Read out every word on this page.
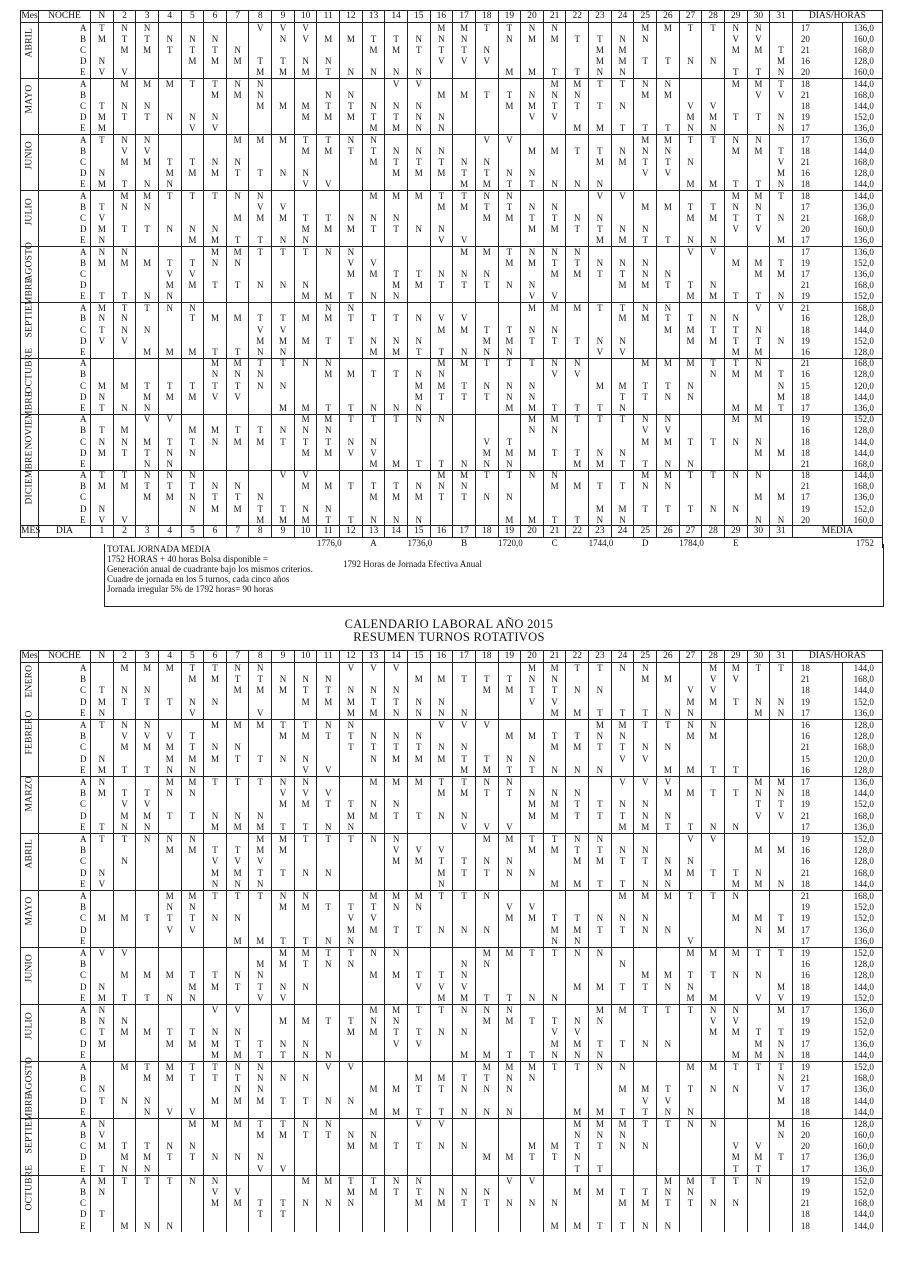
Mes	NOCHE	N	2	3	4	5	6	7	8	9	10	11	12	13	14	15	16	17	18	19	20	21	22	23	24	25	26	27	28	29	30	31	DIAS/HORAS	

ABRIL	A	T	N	N					V	V	V						M	M	T	T	N	N				M	M	T	T	N	N		17	136,0
	B	M	T	T	N	N	N			N	V	M	M	T	T	N	N	N		N	M	M	T	T	N	N				V	V		20	160,0
	C		M	M	T	T	T	N						M	M	T	T	T	N					M	M					M	M	T	21	168,0
	D	N				M	M	M	T	T	N	N					V	V	V					M	M	T	T	N	N			M	16	128,0
	E	V	V						M	M	M	T	N	N	N	N				M	M	T	T	N	N					T	T	N	20	160,0

MAYO	A		M	M	M	T	T	N	N						V	V						M	M	T	T	N	N			M	M	T	18	144,0
	B						M	M	N			N	N				M	M	T	T	N	N	N			M	M				V	V	21	168,0
	C	T	N	N					M	M	M	T	T	N	N	N				M	M	T	T	T	N			V	V				18	144,0
	D	M	T	T	N	N	N				M	M	M	T	T	N	N				V	V						M	M	T	T	N	19	152,0
	E	M				V	V							M	M	N	N						M	M	T	T	T	N	N			N	17	136,0

JUNIO	A	T	N	N				M	M	M	T	T	N	N					V	V						M	M	T	T	N	N		17	136,0
	B		V	V							M	M	T	T	N	N	N				M	M	T	T	N	N	N			M	M	T	18	144,0
	C		M	M	T	T	N	N						M	T	T	T	N	N					M	M	T	T	N				V	21	168,0
	D	N			M	M	M	T	T	N	N				M	M	M	T	T	N	N					V	V					M	16	128,0
	E	M	T	N	N						V	V						M	M	T	T	N	N	N				M	M	T	T	N	18	144,0

JULIO	A		M	M	T	T	T	N	N					M	M	M	T	T	N	N				V	V					M	M	T	18	144,0
	B	T	N	N					V	V							M	M	T	T	N	N				M	M	T	T	N	N		17	136,0
	C	V						M	M	M	T	T	N	N	N				M	M	T	T	N	N				M	M	T	T	N	21	168,0
	D	M	T	T	N	N	N				M	M	M	T	T	N	N				M	M	T	T	N	N				V	V		20	160,0
	E	N				M	M	T	T	N	N						V	V						M	M	T	T	N	N			M	17	136,0

AGOSTO	A	N	N				M	M	T	T	T	N	N					M	M	T	N	N	N					V	V				17	136,0
	B	M	M	M	T	T	N	N					V	V						M	M	T	T	N	N	N				M	M	T	19	152,0
	C				V	V							M	M	T	T	N	N	N			M	M	T	T	N	N				M	M	17	136,0
	D				M	M	T	T	N	N	N				M	M	T	T	T	N	N				M	M	T	T	N				21	168,0
	E	T	T	N	N						M	M	T	N	N						V	V						M	M	T	T	N	19	152,0

SEPTIEMBRE	A	M	T	T	N	N						N	N								M	M	M	T	T	N	N				V	V	21	168,0
	B	N	N			T	M	M	T	T	M	M	T	T	T	N	V	V							M	M	T	T	N	N			16	128,0
	C	T	N	N					V	V							M	M	T	T	N	N					M	M	T	T	N		18	144,0
	D	V	V						M	M	M	T	T	N	N	N			M	M	T	T	T	N	N			M	M	T	T	N	19	152,0
	E			M	M	M	T	T	N	N				M	M	T	T	N	N	N				V	V					M	M		16	128,0

OCTUBRE	A						M	M	T	T	N	N					M	M	T	T	T	N	N			M	M	M	T	T	N		21	168,0
	B						N	N	N			M	M	T	T	N	N					V	V						N	M	M	T	16	128,0
	C	M	M	T	T	T	T	T	N	N						M	M	T	N	N	N			M	M	T	T	N				N	15	120,0
	D	N		M	M	M	V	V								M	T	T	T	N	N				T	T	N	N				M	18	144,0
	E	T	N	N						M	M	T	T	N	N	N				M	M	T	T	T	N					M	M	T	17	136,0

NOVIEMBRE	A			V	V						M	M	T	T	T	N	N				M	M	T	T	T	N	N			M	M		19	152,0
	B	T	M			M	M	T	T	N	N	N									N	N				V	V						16	128,0
	C	N	N	M	T	T	N	M	M	T	T	T	N	N					V	T						M	M	T	T	N	N		18	144,0
	D	M	T	T	N	N					M	M	V	V					M	M	M	T	T	N	N						M	M	18	144,0
	E			N	N									M	M	T	T	N	N	N			M	M	T	T	N	N					21	168,0

DICIEMBRE	A	T	T	N	N	N				V	V						M	M	T	T	N	N				M	M	T	T	N	N		18	144,0
	B	M	M	T	T	T	N	N			M	M	T	T	T	N	N	N				M	M	T	T	N	N						21	168,0
	C			M	M	N	T	T	N					M	M	M	T	T	N	N											M	M	17	136,0
	D	N				N	M	M	T	T	N	N												M	M	T	T	T	N	N			19	152,0
	E	V	V						M	M	M	T	T	N	N	N				M	M	T	T	N	N						N	N	20	160,0
MES	DIA	1	2	3	4	5	6	7	8	9	10	11	12	13	14	15	16	17	18	19	20	21	22	23	24	25	26	27	28	29	30	31	MEDIA	
												1776,0		A		1736,0		B		1720,0		C		1744,0		D		1784,0		E			1752	
TOTAL JORNADA MEDIA
1752 HORAS + 40 horas Bolsa disponible =	1792 Horas de Jornada Efectiva Anual
Generación anual de cuadrante bajo los mismos criterios.
Cuadre de jornada en los 5 turnos, cada cinco años
Jornada irregular 5% de 1792 horas= 90 horas
CALENDARIO LABORAL AÑO 2015
RESUMEN TURNOS ROTATIVOS
Mes	NOCHE	N	2	3	4	5	6	7	8	9	10	11	12	13	14	15	16	17	18	19	20	21	22	23	24	25	26	27	28	29	30	31	DIAS/HORAS	

ENERO	A		M	M	M	T	T	N	N				V	V	V						M	M	T	T	N	N			M	M	T	T	18	144,0
	B					M	M	T	T	N	N	N				M	M	T	T	T	N	N				M	M		V	V			21	168,0
	C	T	N	N				M	M	M	T	T	N	N	N				M	M	T	T	N	N				V	V				18	144,0
	D	M	T	T	T	N	N				M	M	M	T	T	N	N				V	V						M	M	T	N	N	19	152,0
	E	N				V			V				M	M	N	N	N	N				M	M	T	T	T	N	N			M	N	17	136,0

FEBRERO	A	T	N	N			M	M	M	T	T	N	N				V	V	V					M	M	T	T	N	N				16	128,0
	B		V	V	V	T				M	M	T	T	N	N	N				M	M	T	T	N	N			M	M				16	128,0
	C		M	M	M	T	N	N					T	T	T	T	N	N				M	M	T	T	N	N						21	168,0
	D	N			M	M	M	T	T	N	N			N	M	M	M	T	T	N	N				V	V							15	120,0
	E	M	T	T	N	N					V	V						M	M	T	T	N	N	N			M	M	T	T			16	128,0

MARZO	A	N			M	M	T	T	T	N	N			M	M	M	T	T	N	N					V	V	V				M	M	17	136,0
	B	M	T	T	N	N				V	V	V					M	M	T	T	N	N	N				M	M	T	T	N	N	18	144,0
	C		V	V						M	M	T	T	N	N						M	M	T	T	N	N					T	T	19	152,0
	D		M	M	T	T	N	N	N				M	M	T	T	N	N			M	M	T	T	T	N	N				V	V	21	168,0
	E	T	N	N			M	M	M	T	T	N	N					V	V	V					M	M	T	T	N	N			17	136,0

ABRIL	A	T	T	N	N	N			M	M	T	T	T	N	N				M	M	T	T	N	N				V	V				19	152,0
	B				M	M	T	T	M	M					V	V	V				M	M	T	T	N	N					M	M	16	128,0
	C		N				V	V	V						M	M	T	T	N	N			M	M	T	T	N	N					16	128,0
	D	N					M	M	T	T	N	N					M	T	T	N	N						M	M	T	T	N		21	168,0
	E	V					N	N	N								N					M	M	T	T	N	N			M	M	N	18	144,0

MAYO	A				M	M	T	T	T	N	N			M	M	M	T	T	N						M	M	M	T	T	N			21	168,0
	B				N	N				M	M	T	T	T	N	N				V	V												19	152,0
	C	M	M	T	T	T	N	N					V	V						M	M	T	T	N	N	N				M	M	T	19	152,0
	D				V	V							M	M	T	T	N	N	N			M	M	T	T	N	N				N	M	17	136,0
	E							M	M	T	T	N	N									N	N					V					17	136,0

JUNIO	A	V	V							M	M	T	T	N	N				M	M	T	T	N	N				M	M	M	T	T	19	152,0
	B								M	M	T	N	N					N	N						N								16	128,0
	C		M	M	M	T	T	N	N					M	M	T	T	N								M	M	T	T	N	N		16	128,0
	D	N				M	M	T	T	N	N					V	V	V					M	M	T	T	N	N				M	18	144,0
	E	M	T	T	N	N			V	V							M	M	T	T	N	N						M	M		V	V	19	152,0

JULIO	A	N					V	V						M	M	T	T	N	N	N				M	M	T	T	T	N	N		M	17	136,0
	B	N	N							M	M	T	T	N	N				M	M	T	T	N	N					V	V			19	152,0
	C	T	M	M	T	T	N	N					M	M	T	T	N	N				V	V						M	M	T	T	19	152,0
	D	M			M	M	M	T	T	N	N				V	V						M	M	T	T	N	N				M	N	17	136,0
	E						M	M	T	T	N	N						M	M	T	T	N	N	N						M	M	N	18	144,0

AGOSTO	A		M	T	M	T	T	N	N			V	V						M	M	M	T	T	N	N			M	M	T	T	T	19	152,0
	B			M	M	T	T	T	N	N	N					M	M	T	T	N	N											N	21	168,0
	C	N						N	N					M	M	T	T	N	N	N					M	M	T	T	N	N		V	17	136,0
	D	T	N	N			M	M	M	T	T	N	N													V	V					M	18	144,0
	E			N	V	V								M	M	T	T	N	N	N			M	M	T	T	N	N					18	144,0

SEPTIEMBRE	A	N				M	M	M	T	T	N	N				V	V						M	M	M	T	T	N	N			M	16	128,0
	B	V							M	M	T	T	N	N									N	N	N							N	20	160,0
	C	M	T	T	N	N							M	M	T	T	N	N			M	M	T	T	N	N				V	V		20	160,0
	D		M	M	T	T	N	N	N										M	M	T	T	N							M	M	T	17	136,0
	E	T	N	N					V	V													T	T						T	T		17	136,0

OCTUBRE	A	M	T	T	T	N	N				M	M	T	T	N	N				V	V						M	M	T	T	N		19	152,0
	B	N					V	V					M	M	T	T	N	N	N				M	M	T	T	N	N					19	152,0
	C						M	M	T	T	N	N	N			M	M	T	T	N	N	N			M	M	T	T	N	N			21	168,0
	D	T							T	T																							18	144,0
	E		M	N	N																	M	M	T	T	N	N						18	144,0
